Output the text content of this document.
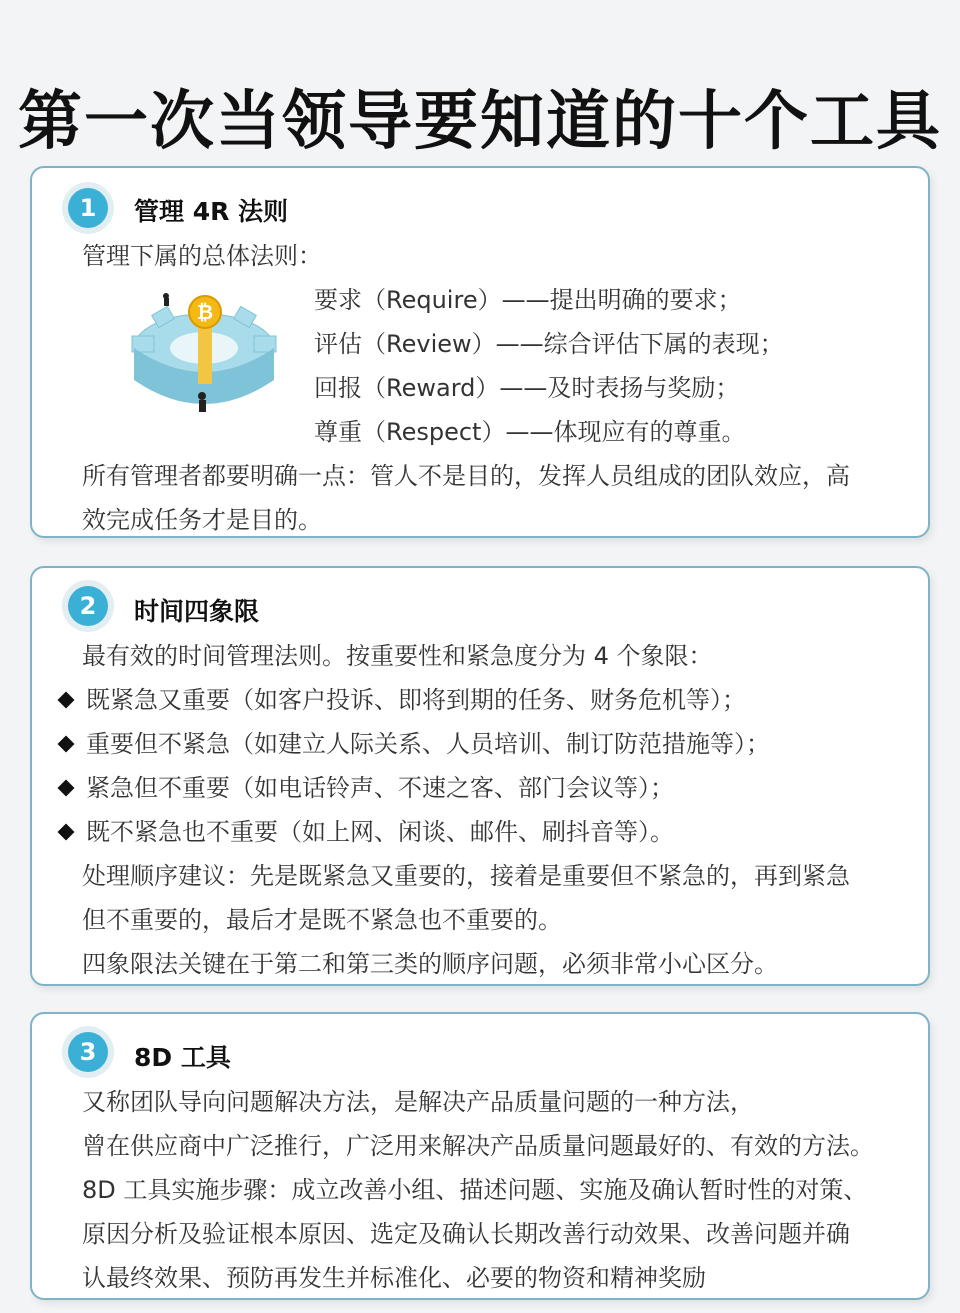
第一次当领导要知道的十个工具
1	管理 4R 法则
管理下属的总体法则：
₿	要求（Require）——提出明确的要求；
评估（Review）——综合评估下属的表现；
回报（Reward）——及时表扬与奖励；
尊重（Respect）——体现应有的尊重。
所有管理者都要明确一点：管人不是目的，发挥人员组成的团队效应，高
效完成任务才是目的。
2	时间四象限
最有效的时间管理法则。按重要性和紧急度分为 4 个象限：
既紧急又重要（如客户投诉、即将到期的任务、财务危机等）；
重要但不紧急（如建立人际关系、人员培训、制订防范措施等）；
紧急但不重要（如电话铃声、不速之客、部门会议等）；
既不紧急也不重要（如上网、闲谈、邮件、刷抖音等）。
处理顺序建议：先是既紧急又重要的，接着是重要但不紧急的，再到紧急
但不重要的，最后才是既不紧急也不重要的。
四象限法关键在于第二和第三类的顺序问题，必须非常小心区分。
3	8D 工具
又称团队导向问题解决方法，是解决产品质量问题的一种方法，
曾在供应商中广泛推行，广泛用来解决产品质量问题最好的、有效的方法。
8D 工具实施步骤：成立改善小组、描述问题、实施及确认暂时性的对策、
原因分析及验证根本原因、选定及确认长期改善行动效果、改善问题并确
认最终效果、预防再发生并标准化、必要的物资和精神奖励
